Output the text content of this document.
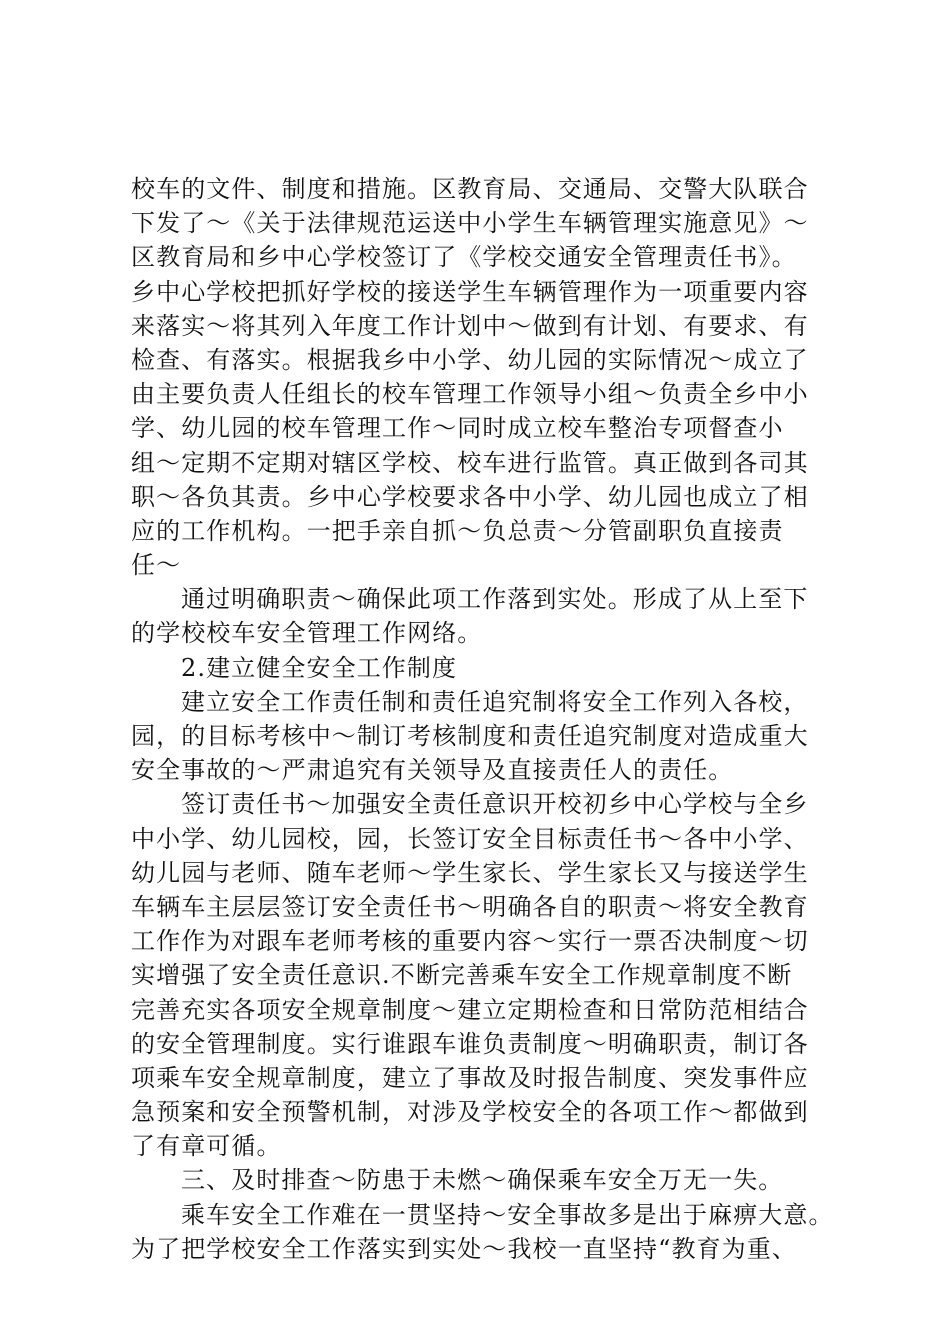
校车的文件、制度和措施。区教育局、交通局、交警大队联合
下发了～《关于法律规范运送中小学生车辆管理实施意见》～
区教育局和乡中心学校签订了《学校交通安全管理责任书》。
乡中心学校把抓好学校的接送学生车辆管理作为一项重要内容
来落实～将其列入年度工作计划中～做到有计划、有要求、有
检查、有落实。根据我乡中小学、幼儿园的实际情况～成立了
由主要负责人任组长的校车管理工作领导小组～负责全乡中小
学、幼儿园的校车管理工作～同时成立校车整治专项督查小
组～定期不定期对辖区学校、校车进行监管。真正做到各司其
职～各负其责。乡中心学校要求各中小学、幼儿园也成立了相
应的工作机构。一把手亲自抓～负总责～分管副职负直接责
任～
通过明确职责～确保此项工作落到实处。形成了从上至下
的学校校车安全管理工作网络。
2.建立健全安全工作制度
建立安全工作责任制和责任追究制将安全工作列入各校，
园，的目标考核中～制订考核制度和责任追究制度对造成重大
安全事故的～严肃追究有关领导及直接责任人的责任。
签订责任书～加强安全责任意识开校初乡中心学校与全乡
中小学、幼儿园校，园，长签订安全目标责任书～各中小学、
幼儿园与老师、随车老师～学生家长、学生家长又与接送学生
车辆车主层层签订安全责任书～明确各自的职责～将安全教育
工作作为对跟车老师考核的重要内容～实行一票否决制度～切
实增强了安全责任意识.不断完善乘车安全工作规章制度不断
完善充实各项安全规章制度～建立定期检查和日常防范相结合
的安全管理制度。实行谁跟车谁负责制度～明确职责，制订各
项乘车安全规章制度，建立了事故及时报告制度、突发事件应
急预案和安全预警机制，对涉及学校安全的各项工作～都做到
了有章可循。
三、及时排查～防患于未燃～确保乘车安全万无一失。
乘车安全工作难在一贯坚持～安全事故多是出于麻痹大意。
为了把学校安全工作落实到实处～我校一直坚持“教育为重、
